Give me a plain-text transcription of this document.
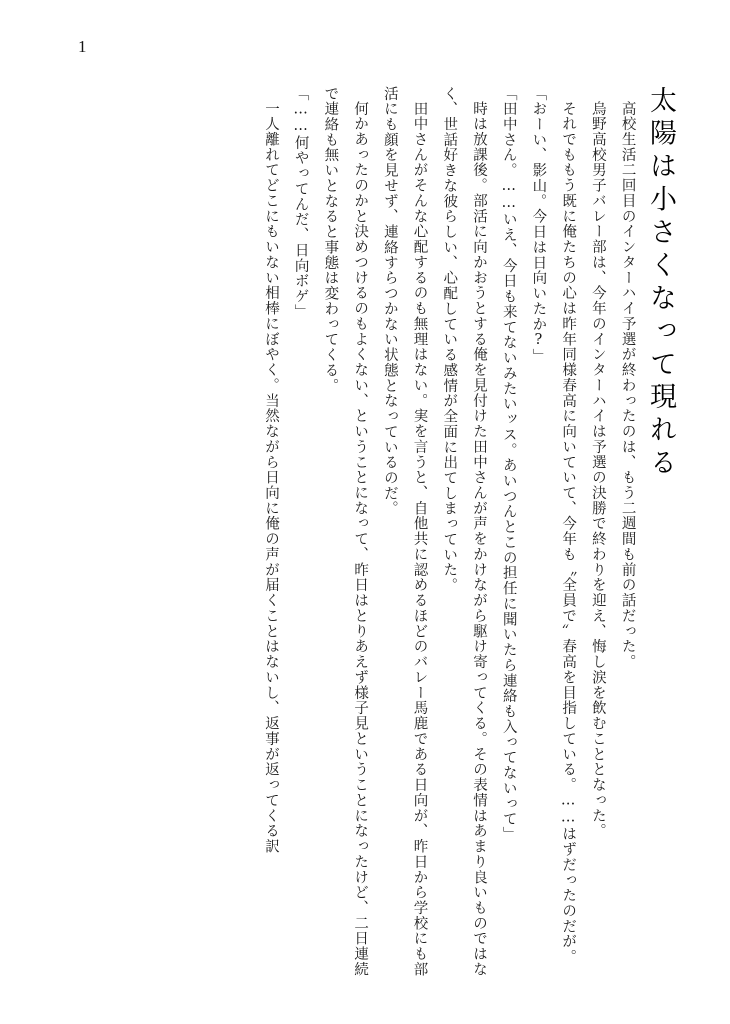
1
太陽は小さくなって現れる

高校生活二回目のインターハイ予選が終わったのは、もう二週間も前の話だった。

烏野高校男子バレー部は、今年のインターハイは予選の決勝で終わりを迎え、悔し涙を飲むこととなった。

それでももう既に俺たちの心は昨年同様春高に向いていて、今年も〝全員で〟春高を目指している。……はずだったのだが。

「おーい、影山。今日は日向いたか?」

「田中さん。……いえ、今日も来てないみたいッス。あいつんとこの担任に聞いたら連絡も入ってないって」

時は放課後。部活に向かおうとする俺を見付けた田中さんが声をかけながら駆け寄ってくる。その表情はあまり良いものではなく、世話好きな彼らしい、心配している感情が全面に出てしまっていた。

田中さんがそんな心配するのも無理はない。実を言うと、自他共に認めるほどのバレー馬鹿である日向が、昨日から学校にも部活にも顔を見せず、連絡すらつかない状態となっているのだ。

何かあったのかと決めつけるのもよくない、ということになって、昨日はとりあえず様子見ということになったけど、二日連続で連絡も無いとなると事態は変わってくる。

「……何やってんだ、日向ボゲ」

一人離れてどこにもいない相棒にぼやく。当然ながら日向に俺の声が届くことはないし、返事が返ってくる訳
